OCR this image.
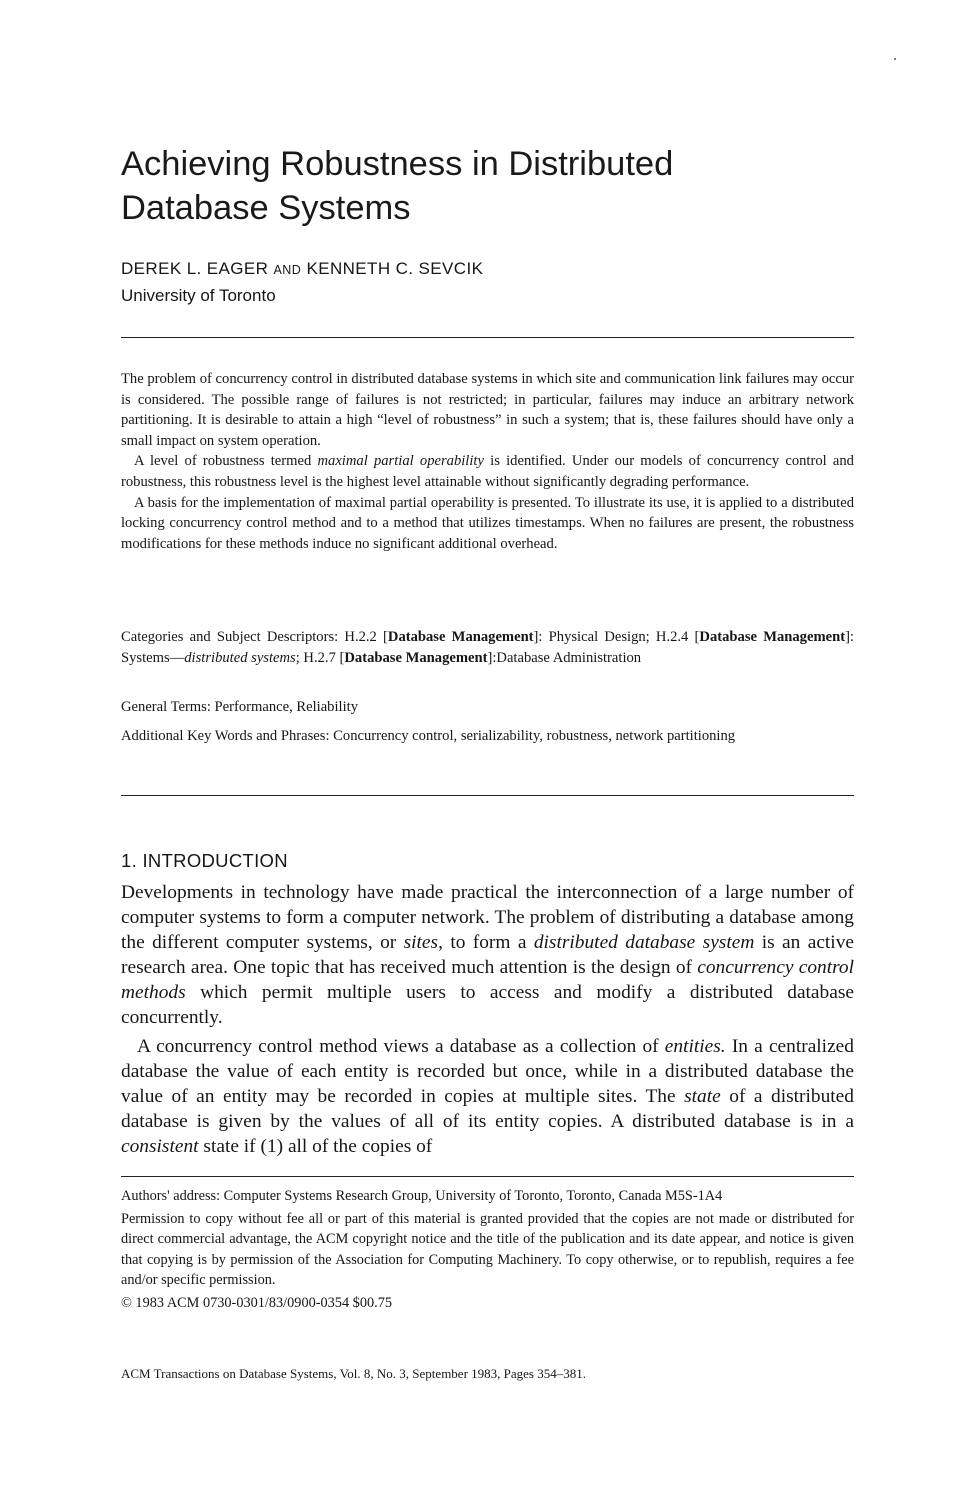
Achieving Robustness in Distributed
Database Systems
DEREK L. EAGER AND KENNETH C. SEVCIK
University of Toronto

The problem of concurrency control in distributed database systems in which site and communication link failures may occur is considered. The possible range of failures is not restricted; in particular, failures may induce an arbitrary network partitioning. It is desirable to attain a high “level of robustness” in such a system; that is, these failures should have only a small impact on system operation.

A level of robustness termed maximal partial operability is identified. Under our models of concurrency control and robustness, this robustness level is the highest level attainable without significantly degrading performance.

A basis for the implementation of maximal partial operability is presented. To illustrate its use, it is applied to a distributed locking concurrency control method and to a method that utilizes timestamps. When no failures are present, the robustness modifications for these methods induce no significant additional overhead.

Categories and Subject Descriptors: H.2.2 [Database Management]: Physical Design; H.2.4 [Database Management]: Systems—distributed systems; H.2.7 [Database Management]:Database Administration

General Terms: Performance, Reliability

Additional Key Words and Phrases: Concurrency control, serializability, robustness, network partitioning

1. INTRODUCTION

Developments in technology have made practical the interconnection of a large number of computer systems to form a computer network. The problem of distributing a database among the different computer systems, or sites, to form a distributed database system is an active research area. One topic that has received much attention is the design of concurrency control methods which permit multiple users to access and modify a distributed database concurrently.

A concurrency control method views a database as a collection of entities. In a centralized database the value of each entity is recorded but once, while in a distributed database the value of an entity may be recorded in copies at multiple sites. The state of a distributed database is given by the values of all of its entity copies. A distributed database is in a consistent state if (1) all of the copies of

Authors' address: Computer Systems Research Group, University of Toronto, Toronto, Canada M5S-1A4

Permission to copy without fee all or part of this material is granted provided that the copies are not made or distributed for direct commercial advantage, the ACM copyright notice and the title of the publication and its date appear, and notice is given that copying is by permission of the Association for Computing Machinery. To copy otherwise, or to republish, requires a fee and/or specific permission.

© 1983 ACM 0730-0301/83/0900-0354 $00.75

ACM Transactions on Database Systems, Vol. 8, No. 3, September 1983, Pages 354–381.
